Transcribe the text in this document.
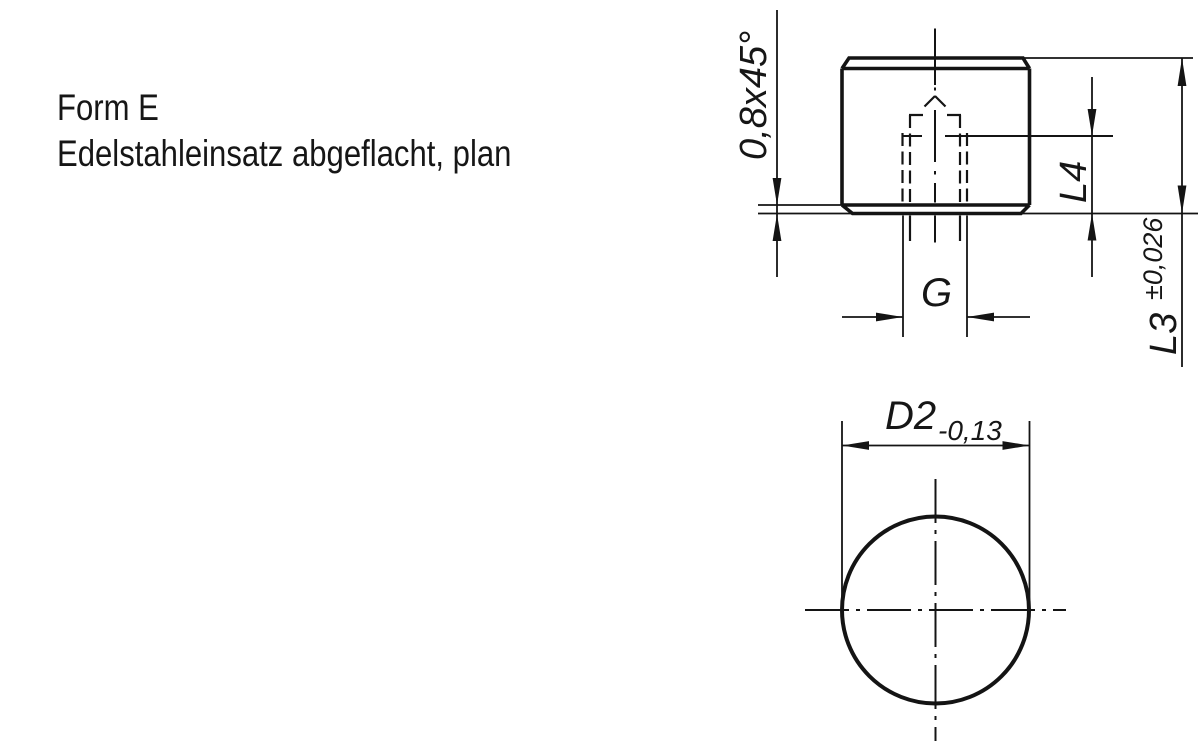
Form E
Edelstahleinsatz abgeflacht, plan	0,8x45°
L4
L3
±0,026
G
D2 -0,13
